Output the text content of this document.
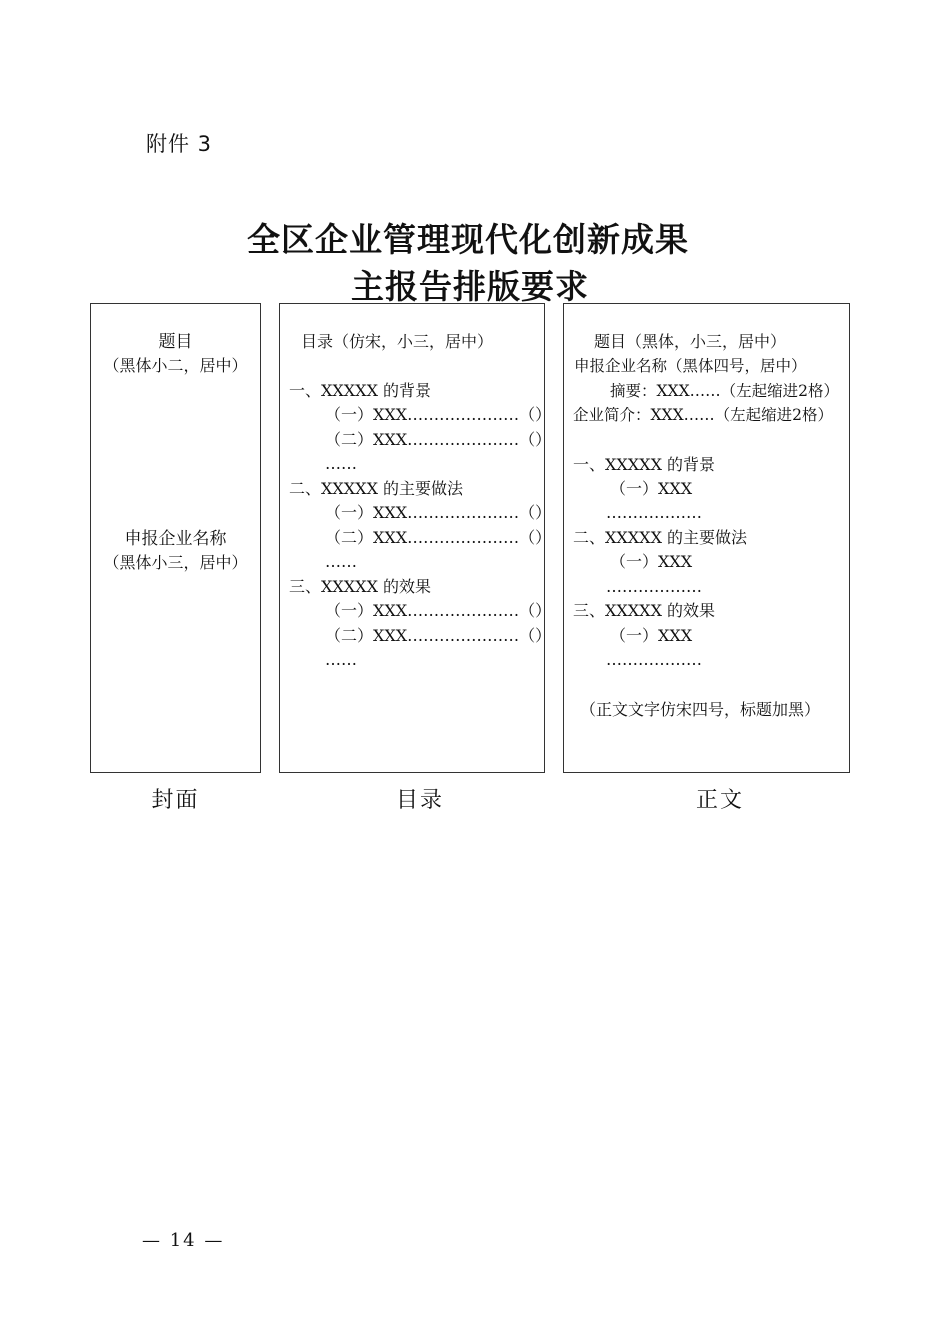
附件 3
全区企业管理现代化创新成果
主报告排版要求
题目
（黑体小二，居中）
申报企业名称
（黑体小三，居中）
目录（仿宋，小三，居中）
一、XXXXX 的背景
（一）XXX…………………（）
（二）XXX…………………（）
……
二、XXXXX 的主要做法
（一）XXX…………………（）
（二）XXX…………………（）
……
三、XXXXX 的效果
（一）XXX…………………（）
（二）XXX…………………（）
……
题目（黑体，小三，居中）
申报企业名称（黑体四号，居中）
摘要：XXX……（左起缩进2格）
企业简介：XXX……（左起缩进2格）
一、XXXXX 的背景
（一）XXX
………………
二、XXXXX 的主要做法
（一）XXX
………………
三、XXXXX 的效果
（一）XXX
………………
（正文文字仿宋四号，标题加黑）
封面	目录	正文
— 14 —
